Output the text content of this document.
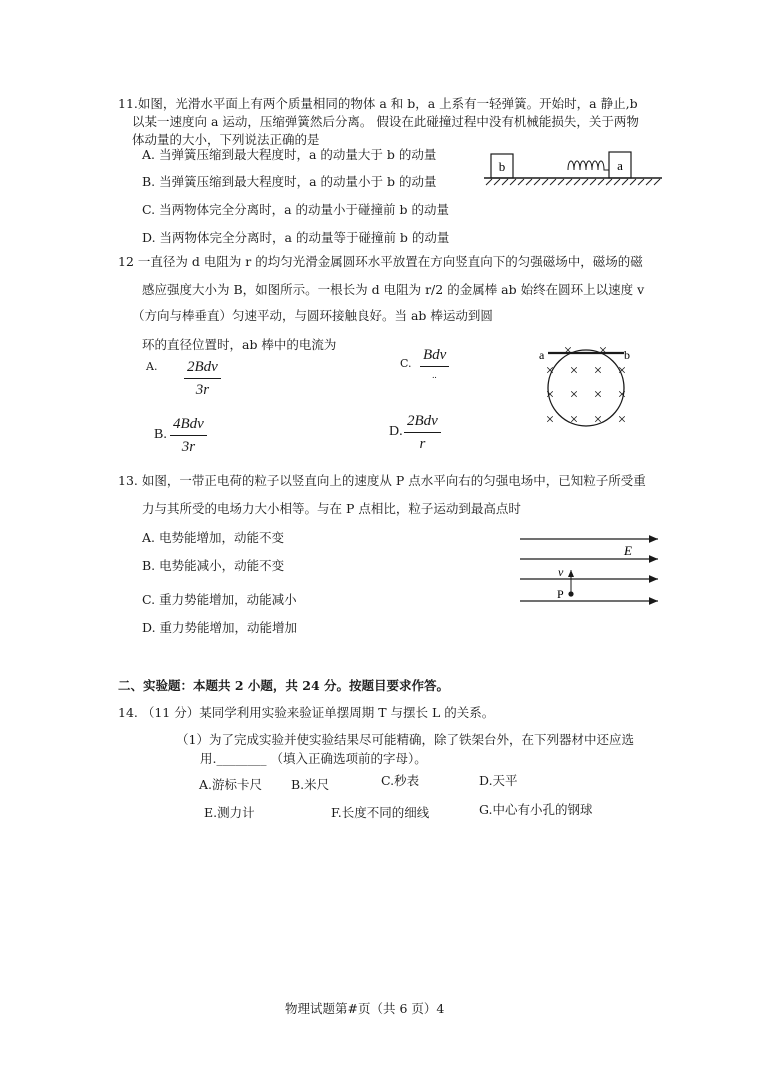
11.如图，光滑水平面上有两个质量相同的物体 a 和 b，a 上系有一轻弹簧。开始时，a 静止,b
以某一速度向 a 运动，压缩弹簧然后分离。 假设在此碰撞过程中没有机械能损失，关于两物
体动量的大小，下列说法正确的是
A. 当弹簧压缩到最大程度时，a 的动量大于 b 的动量
B. 当弹簧压缩到最大程度时，a 的动量小于 b 的动量
C. 当两物体完全分离时，a 的动量小于碰撞前 b 的动量
D. 当两物体完全分离时，a 的动量等于碰撞前 b 的动量
b	a
12 一直径为 d 电阻为 r 的均匀光滑金属圆环水平放置在方向竖直向下的匀强磁场中，磁场的磁
感应强度大小为 B，如图所示。一根长为 d 电阻为 r/2 的金属棒 ab 始终在圆环上以速度 v
（方向与棒垂直）匀速平动，与圆环接触良好。当 ab 棒运动到圆
环的直径位置时，ab 棒中的电流为
A. 2Bdv
3r
C.
Bdv
..
B.
4Bdv
3r
D.
2Bdv
r
a	b
× ×
× × × ×
× × × ×
× × × ×
13. 如图，一带正电荷的粒子以竖直向上的速度从 P 点水平向右的匀强电场中，已知粒子所受重
力与其所受的电场力大小相等。与在 P 点相比，粒子运动到最高点时
A. 电势能增加，动能不变
B. 电势能减小，动能不变
C. 重力势能增加，动能减小
D. 重力势能增加，动能增加
E
v
P
二、实验题：本题共 2 小题，共 24 分。按题目要求作答。
14. （11 分）某同学利用实验来验证单摆周期 T 与摆长 L 的关系。
（1）为了完成实验并使实验结果尽可能精确，除了铁架台外，在下列器材中还应选
用.________ （填入正确选项前的字母）。
A.游标卡尺 B.米尺	C.秒表	D.天平
E.测力计	F.长度不同的细线	G.中心有小孔的钢球
物理试题第#页（共 6 页）4
